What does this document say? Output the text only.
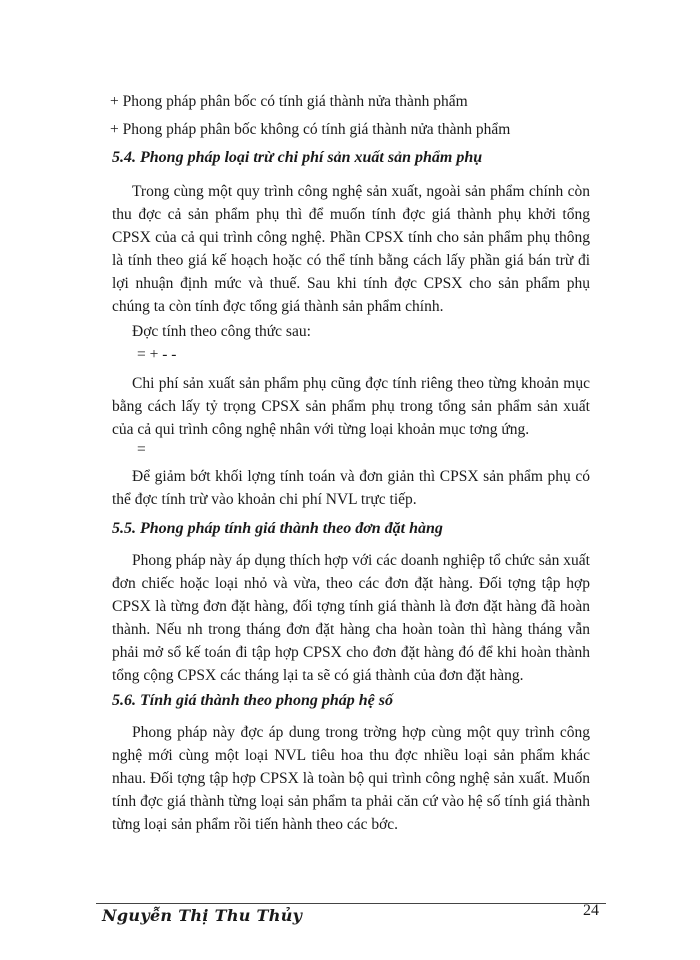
+ Phong pháp phân bốc có tính giá thành nửa thành phẩm
+ Phong pháp phân bốc không có tính giá thành nửa thành phẩm
5.4. Phong pháp loại trừ chi phí sản xuất sản phẩm phụ
Trong cùng một quy trình công nghệ sản xuất, ngoài sản phẩm chính còn thu đợc cả sản phẩm phụ thì để muốn tính đợc giá thành phụ khởi tổng CPSX của cả qui trình công nghệ. Phần CPSX tính cho sản phẩm phụ thông là tính theo giá kế hoạch hoặc có thể tính bằng cách lấy phần giá bán trừ đi lợi nhuận định mức và thuế. Sau khi tính đợc CPSX cho sản phẩm phụ chúng ta còn tính đợc tổng giá thành sản phẩm chính.
Đợc tính theo công thức sau:
= + - -
Chi phí sản xuất sản phẩm phụ cũng đợc tính riêng theo từng khoản mục bằng cách lấy tỷ trọng CPSX sản phẩm phụ trong tổng sản phẩm sản xuất của cả qui trình công nghệ nhân với từng loại khoản mục tơng ứng.
=
Để giảm bớt khối lợng tính toán và đơn giản thì CPSX sản phẩm phụ có thể đợc tính trừ vào khoản chi phí NVL trực tiếp.
5.5. Phong pháp tính giá thành theo đơn đặt hàng
Phong pháp này áp dụng thích hợp với các doanh nghiệp tổ chức sản xuất đơn chiếc hoặc loại nhỏ và vừa, theo các đơn đặt hàng. Đối tợng tập hợp CPSX là từng đơn đặt hàng, đối tợng tính giá thành là đơn đặt hàng đã hoàn thành. Nếu nh trong tháng đơn đặt hàng cha hoàn toàn thì hàng tháng vẫn phải mở sổ kế toán đi tập hợp CPSX cho đơn đặt hàng đó để khi hoàn thành tổng cộng CPSX các tháng lại ta sẽ có giá thành của đơn đặt hàng.
5.6. Tính giá thành theo phong pháp hệ số
Phong pháp này đợc áp dung trong trờng hợp cùng một quy trình công nghệ mới cùng một loại NVL tiêu hoa thu đợc nhiều loại sản phẩm khác nhau. Đối tợng tập hợp CPSX là toàn bộ qui trình công nghệ sản xuất. Muốn tính đợc giá thành từng loại sản phẩm ta phải căn cứ vào hệ số tính giá thành từng loại sản phẩm rồi tiến hành theo các bớc.
Nguyễn Thị Thu Thủy	24
